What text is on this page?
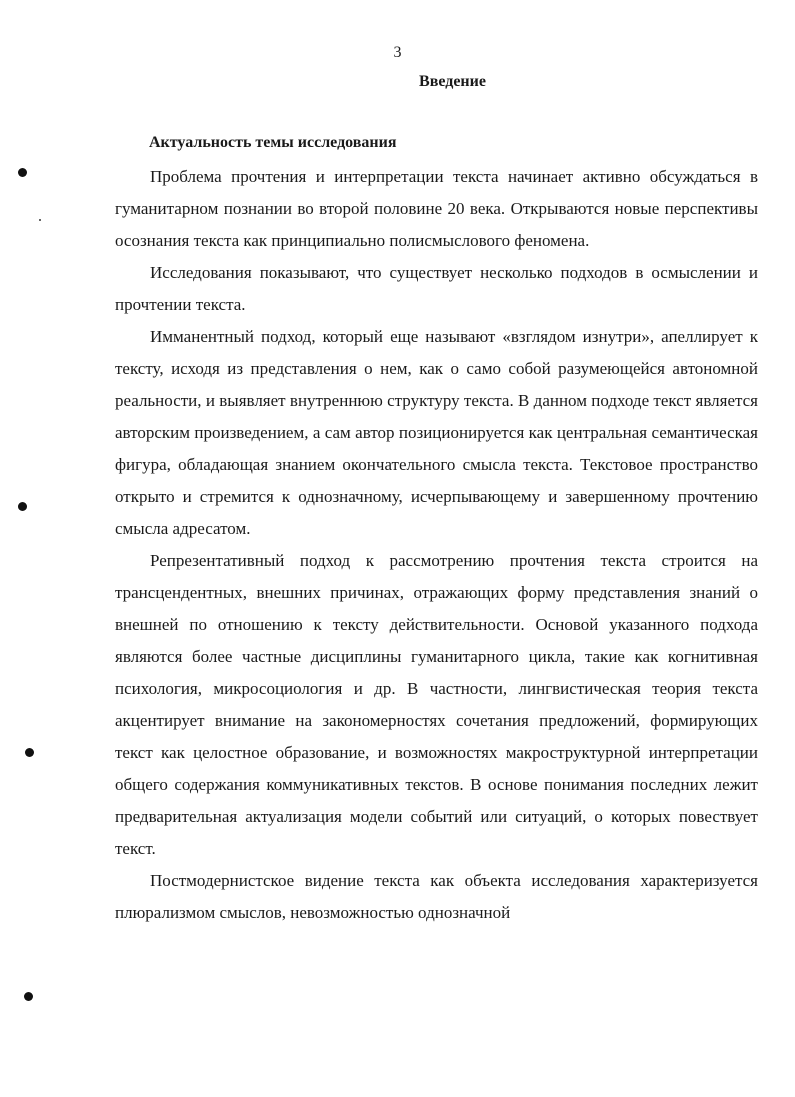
3
Введение
Актуальность темы исследования

Проблема прочтения и интерпретации текста начинает активно обсуждаться в гуманитарном познании во второй половине 20 века. Открываются новые перспективы осознания текста как принципиально полисмыслового феномена.

Исследования показывают, что существует несколько подходов в осмыслении и прочтении текста.

Имманентный подход, который еще называют «взглядом изнутри», апеллирует к тексту, исходя из представления о нем, как о само собой разумеющейся автономной реальности, и выявляет внутреннюю структуру текста. В данном подходе текст является авторским произведением, а сам автор позиционируется как центральная семантическая фигура, обладающая знанием окончательного смысла текста. Текстовое пространство открыто и стремится к однозначному, исчерпывающему и завершенному прочтению смысла адресатом.

Репрезентативный подход к рассмотрению прочтения текста строится на трансцендентных, внешних причинах, отражающих форму представления знаний о внешней по отношению к тексту действительности. Основой указанного подхода являются более частные дисциплины гуманитарного цикла, такие как когнитивная психология, микросоциология и др. В частности, лингвистическая теория текста акцентирует внимание на закономерностях сочетания предложений, формирующих текст как целостное образование, и возможностях макроструктурной интерпретации общего содержания коммуникативных текстов. В основе понимания последних лежит предварительная актуализация модели событий или ситуаций, о которых повествует текст.

Постмодернистское видение текста как объекта исследования характеризуется плюрализмом смыслов, невозможностью однозначной
